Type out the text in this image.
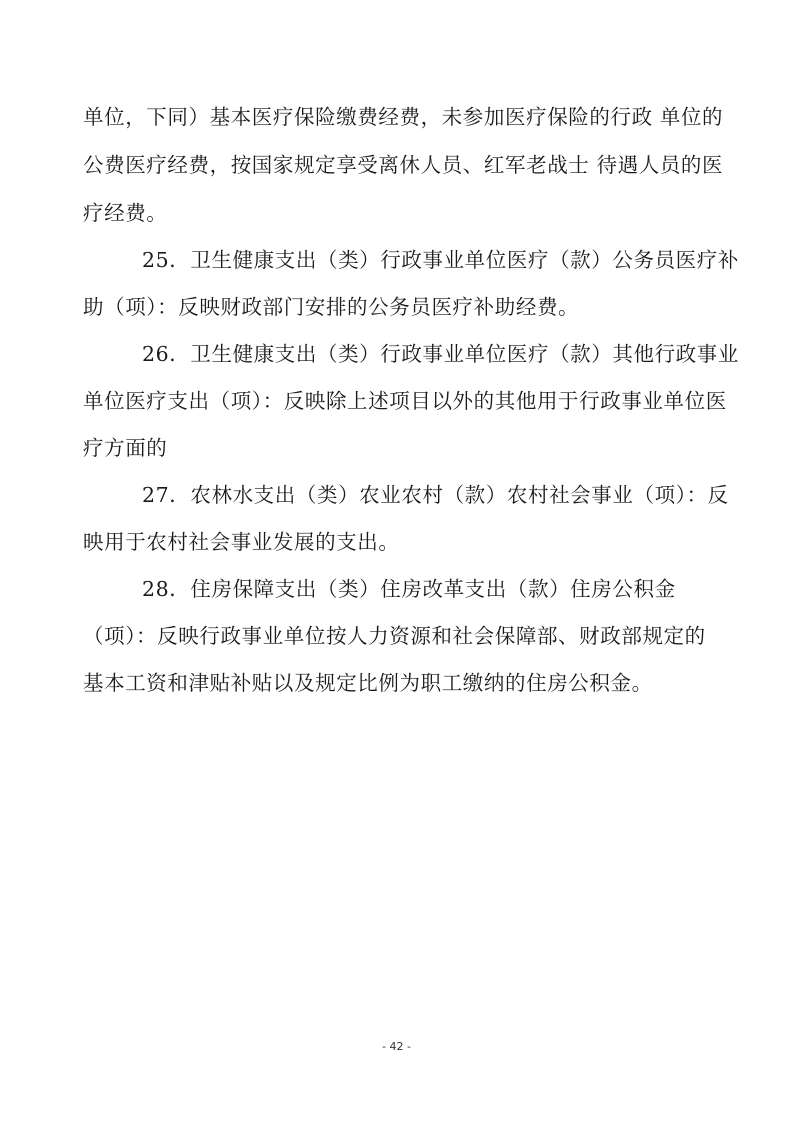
单位，下同）基本医疗保险缴费经费，未参加医疗保险的行政 单位的
公费医疗经费，按国家规定享受离休人员、红军老战士 待遇人员的医
疗经费。
25．卫生健康支出（类）行政事业单位医疗（款）公务员医疗补
助（项）：反映财政部门安排的公务员医疗补助经费。
26．卫生健康支出（类）行政事业单位医疗（款）其他行政事业
单位医疗支出（项）：反映除上述项目以外的其他用于行政事业单位医
疗方面的
27．农林水支出（类）农业农村（款）农村社会事业（项）：反
映用于农村社会事业发展的支出。
28．住房保障支出（类）住房改革支出（款）住房公积金
（项）：反映行政事业单位按人力资源和社会保障部、财政部规定的
基本工资和津贴补贴以及规定比例为职工缴纳的住房公积金。
- 42 -
